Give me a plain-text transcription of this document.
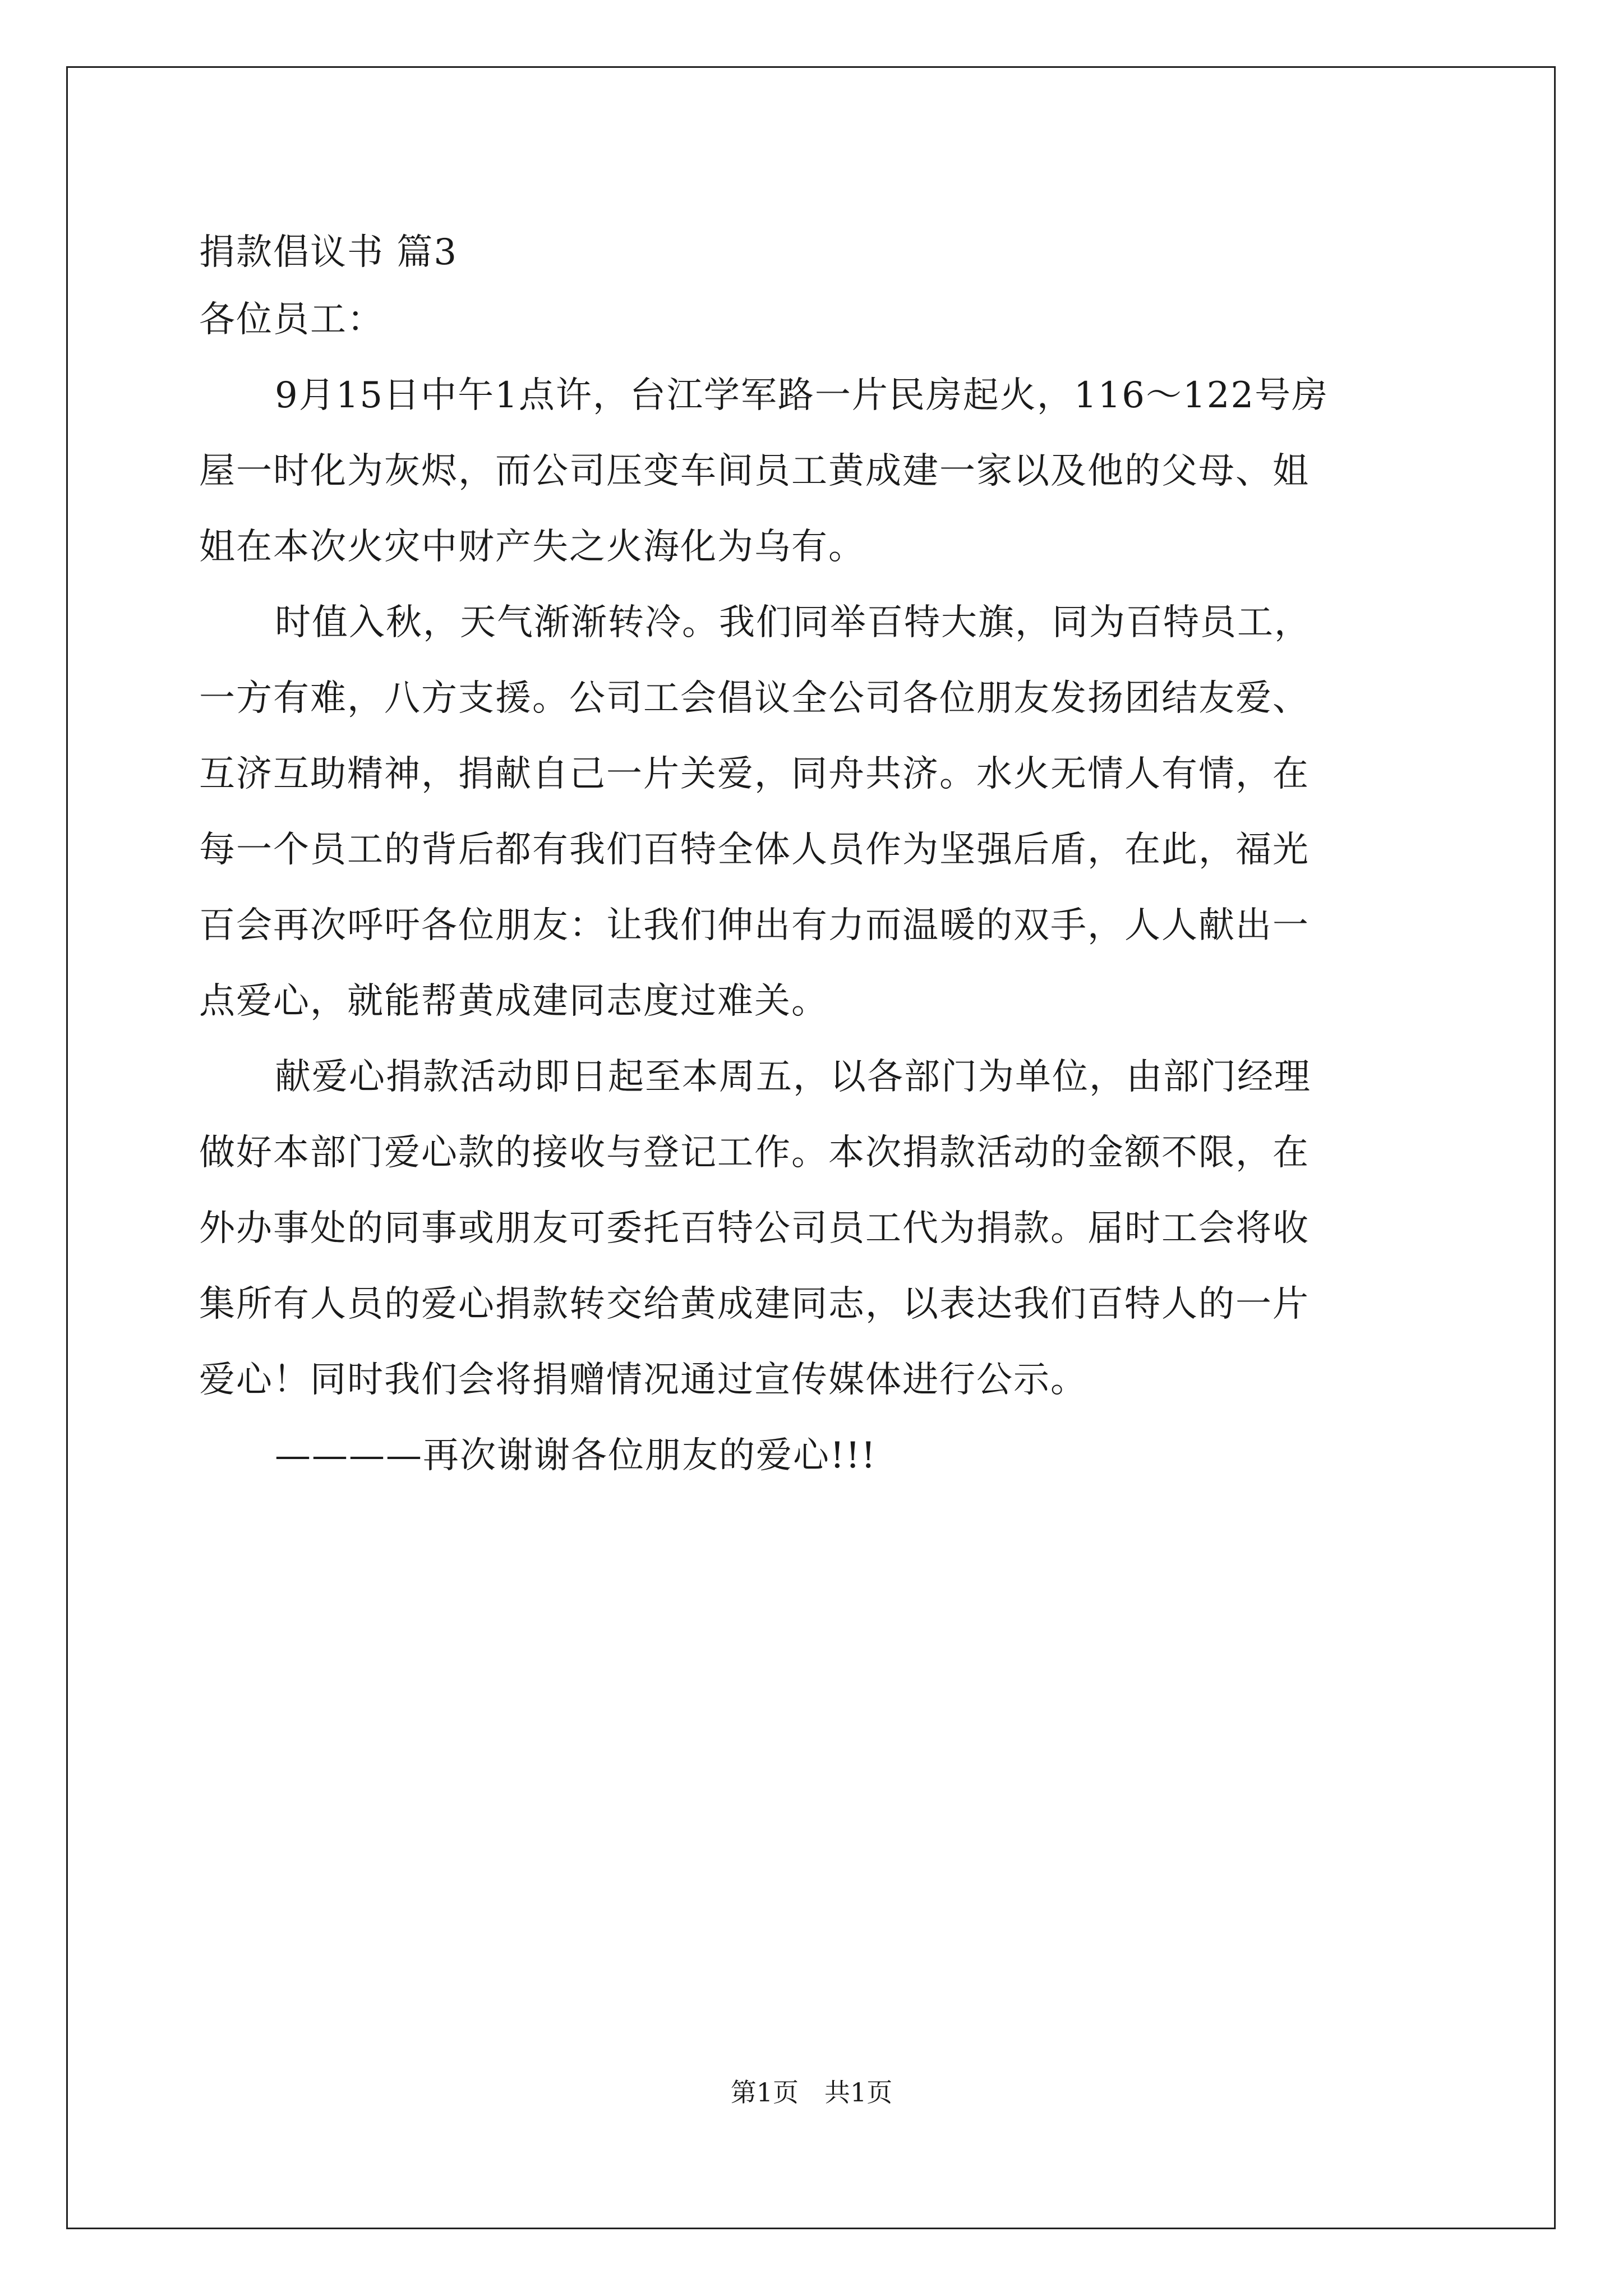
捐款倡议书 篇3
各位员工：
9月15日中午1点许，台江学军路一片民房起火，116～122号房
屋一时化为灰烬，而公司压变车间员工黄成建一家以及他的父母、姐
姐在本次火灾中财产失之火海化为乌有。
时值入秋，天气渐渐转冷。我们同举百特大旗，同为百特员工，
一方有难，八方支援。公司工会倡议全公司各位朋友发扬团结友爱、
互济互助精神，捐献自己一片关爱，同舟共济。水火无情人有情，在
每一个员工的背后都有我们百特全体人员作为坚强后盾，在此，福光
百会再次呼吁各位朋友：让我们伸出有力而温暖的双手，人人献出一
点爱心，就能帮黄成建同志度过难关。
献爱心捐款活动即日起至本周五，以各部门为单位，由部门经理
做好本部门爱心款的接收与登记工作。本次捐款活动的金额不限，在
外办事处的同事或朋友可委托百特公司员工代为捐款。届时工会将收
集所有人员的爱心捐款转交给黄成建同志，以表达我们百特人的一片
爱心！同时我们会将捐赠情况通过宣传媒体进行公示。
————再次谢谢各位朋友的爱心!!!
第1页　共1页
